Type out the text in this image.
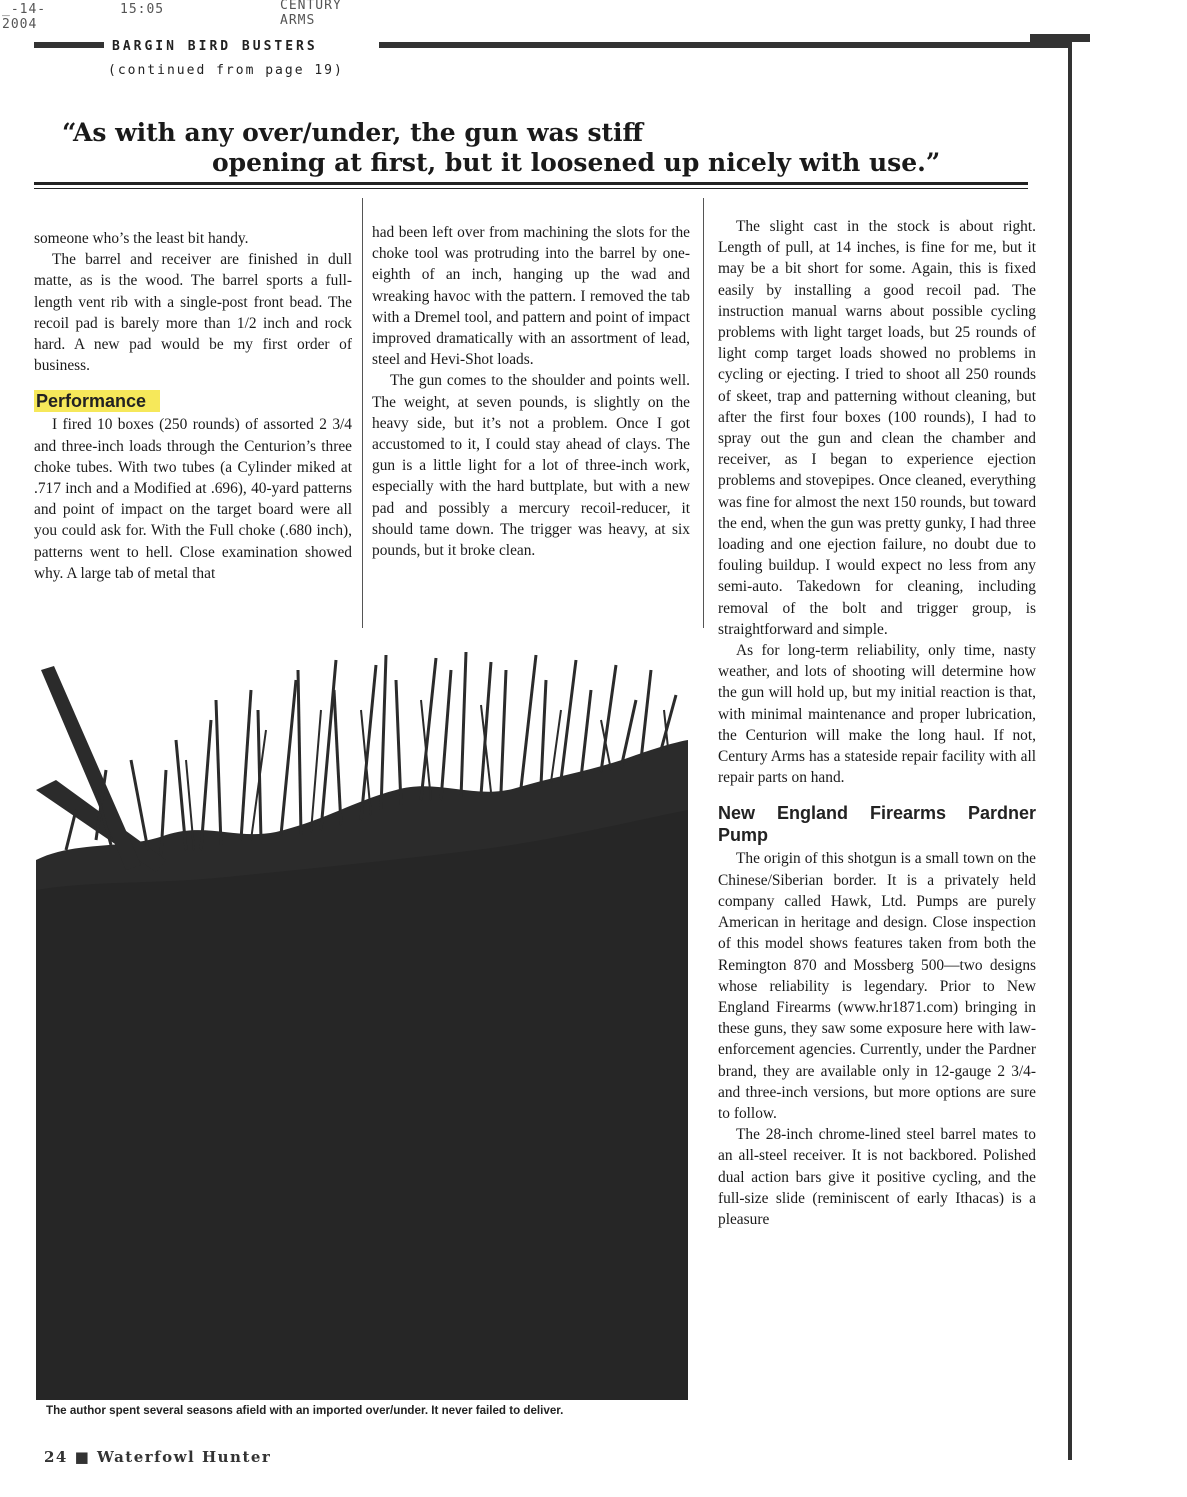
_-14-2004
15:05	CENTURY ARMS
BARGIN BIRD BUSTERS
(continued from page 19)
“As with any over/under, the gun was stiff
opening at first, but it loosened up nicely with use.”

someone who’s the least bit handy.

The barrel and receiver are finished in dull matte, as is the wood. The barrel sports a full-length vent rib with a single-post front bead. The recoil pad is barely more than 1/2 inch and rock hard. A new pad would be my first order of business.

Performance

I fired 10 boxes (250 rounds) of assorted 2 3/4 and three-inch loads through the Centurion’s three choke tubes. With two tubes (a Cylinder miked at .717 inch and a Modified at .696), 40-yard patterns and point of impact on the target board were all you could ask for. With the Full choke (.680 inch), patterns went to hell. Close examination showed why. A large tab of metal that

had been left over from machining the slots for the choke tool was protruding into the barrel by one-eighth of an inch, hanging up the wad and wreaking havoc with the pattern. I removed the tab with a Dremel tool, and pattern and point of impact improved dramatically with an assortment of lead, steel and Hevi-Shot loads.

The gun comes to the shoulder and points well. The weight, at seven pounds, is slightly on the heavy side, but it’s not a problem. Once I got accustomed to it, I could stay ahead of clays. The gun is a little light for a lot of three-inch work, especially with the hard buttplate, but with a new pad and possibly a mercury recoil-reducer, it should tame down. The trigger was heavy, at six pounds, but it broke clean.

The slight cast in the stock is about right. Length of pull, at 14 inches, is fine for me, but it may be a bit short for some. Again, this is fixed easily by installing a good recoil pad. The instruction manual warns about possible cycling problems with light target loads, but 25 rounds of light comp target loads showed no problems in cycling or ejecting. I tried to shoot all 250 rounds of skeet, trap and patterning without cleaning, but after the first four boxes (100 rounds), I had to spray out the gun and clean the chamber and receiver, as I began to experience ejection problems and stovepipes. Once cleaned, everything was fine for almost the next 150 rounds, but toward the end, when the gun was pretty gunky, I had three loading and one ejection failure, no doubt due to fouling buildup. I would expect no less from any semi-auto. Takedown for cleaning, including removal of the bolt and trigger group, is straightforward and simple.

As for long-term reliability, only time, nasty weather, and lots of shooting will determine how the gun will hold up, but my initial reaction is that, with minimal maintenance and proper lubrication, the Centurion will make the long haul. If not, Century Arms has a stateside repair facility with all repair parts on hand.

New England Firearms Pardner Pump

The origin of this shotgun is a small town on the Chinese/Siberian border. It is a privately held company called Hawk, Ltd. Pumps are purely American in heritage and design. Close inspection of this model shows features taken from both the Remington 870 and Mossberg 500—two designs whose reliability is legendary. Prior to New England Firearms (www.hr1871.com) bringing in these guns, they saw some exposure here with law-enforcement agencies. Currently, under the Pardner brand, they are available only in 12-gauge 2 3/4- and three-inch versions, but more options are sure to follow.

The 28-inch chrome-lined steel barrel mates to an all-steel receiver. It is not backbored. Polished dual action bars give it positive cycling, and the full-size slide (reminiscent of early Ithacas) is a pleasure

The author spent several seasons afield with an imported over/under. It never failed to deliver.
24 ■ Waterfowl Hunter
